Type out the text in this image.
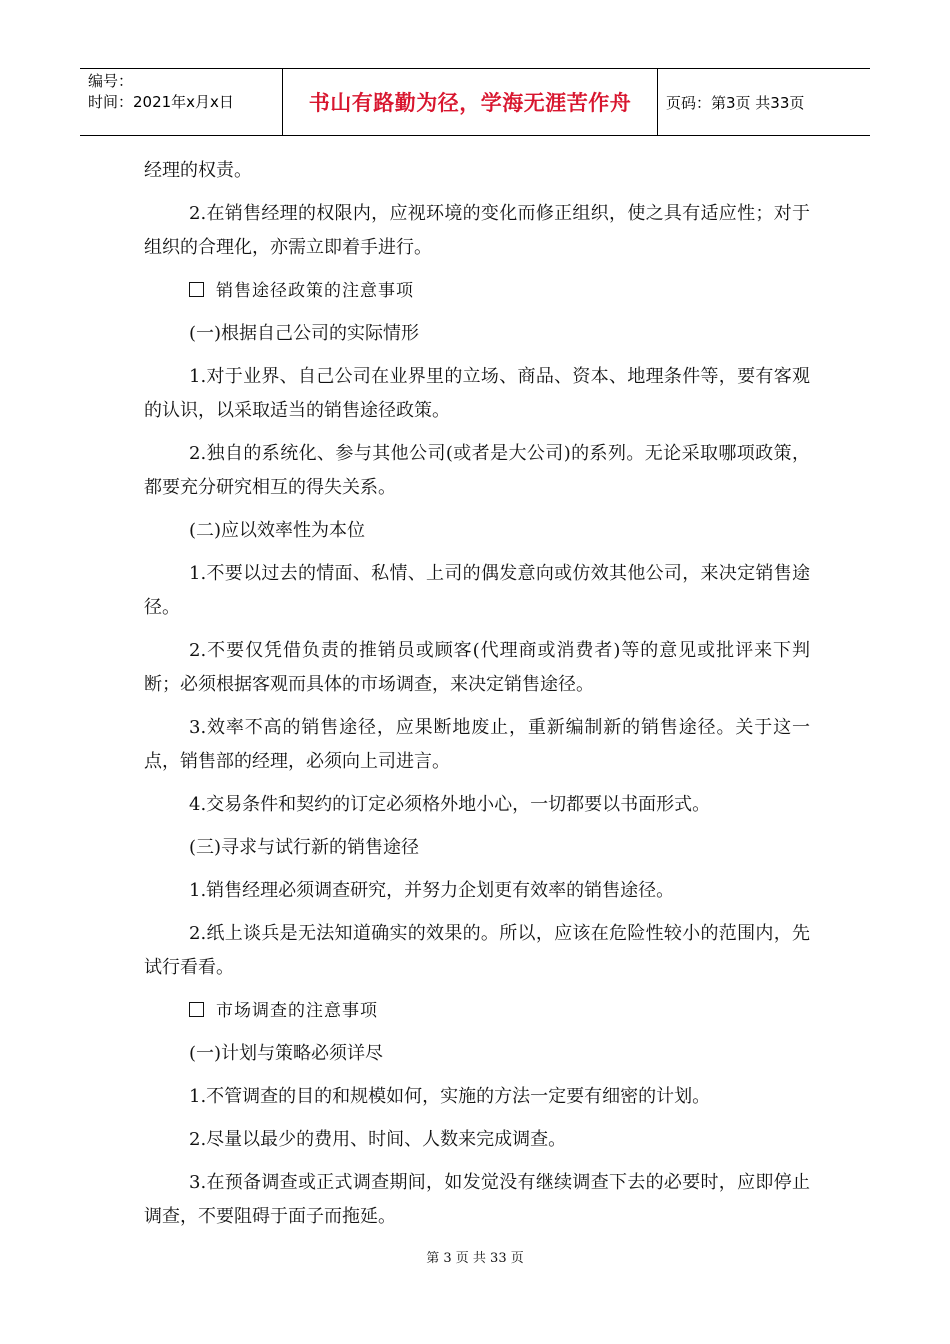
编号：
时间：2021年x月x日	书山有路勤为径，学海无涯苦作舟 页码：第3页 共33页

经理的权责。

2.在销售经理的权限内，应视环境的变化而修正组织，使之具有适应性；对于组织的合理化，亦需立即着手进行。

销售途径政策的注意事项

(一)根据自己公司的实际情形

1.对于业界、自己公司在业界里的立场、商品、资本、地理条件等，要有客观的认识，以采取适当的销售途径政策。

2.独自的系统化、参与其他公司(或者是大公司)的系列。无论采取哪项政策，都要充分研究相互的得失关系。

(二)应以效率性为本位

1.不要以过去的情面、私情、上司的偶发意向或仿效其他公司，来决定销售途径。

2.不要仅凭借负责的推销员或顾客(代理商或消费者)等的意见或批评来下判断；必须根据客观而具体的市场调查，来决定销售途径。

3.效率不高的销售途径，应果断地废止，重新编制新的销售途径。关于这一点，销售部的经理，必须向上司进言。

4.交易条件和契约的订定必须格外地小心，一切都要以书面形式。

(三)寻求与试行新的销售途径

1.销售经理必须调查研究，并努力企划更有效率的销售途径。

2.纸上谈兵是无法知道确实的效果的。所以，应该在危险性较小的范围内，先试行看看。

市场调查的注意事项

(一)计划与策略必须详尽

1.不管调查的目的和规模如何，实施的方法一定要有细密的计划。

2.尽量以最少的费用、时间、人数来完成调查。

3.在预备调查或正式调查期间，如发觉没有继续调查下去的必要时，应即停止调查，不要阻碍于面子而拖延。

第 3 页 共 33 页
